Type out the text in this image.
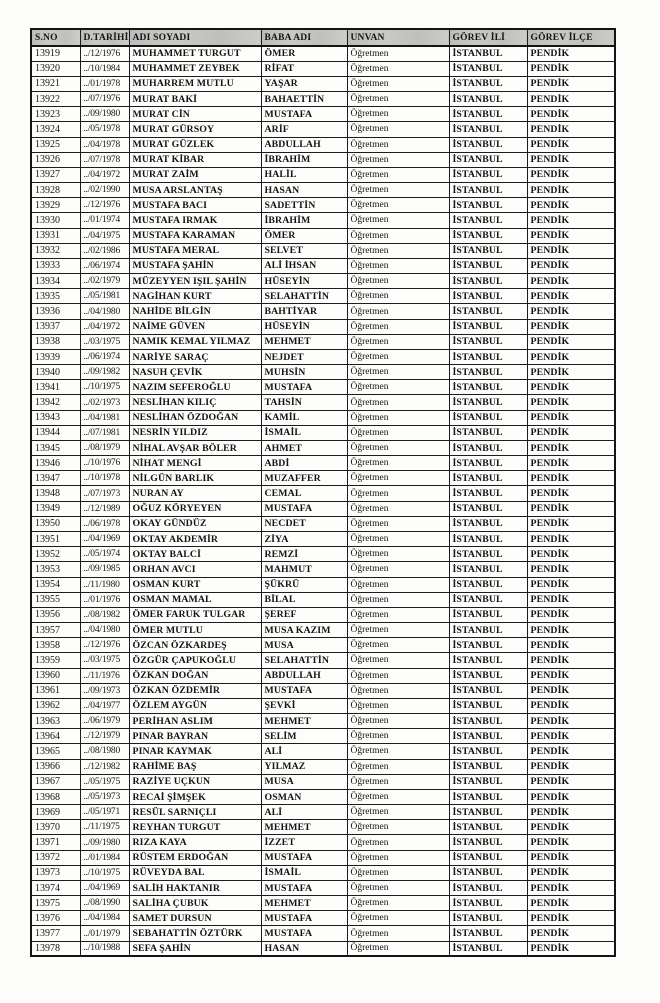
S.NO	D.TARİHİ	ADI SOYADI	BABA ADI	UNVAN	GÖREV İLİ	GÖREV İLÇE
13919	../12/1976	MUHAMMET TURGUT	ÖMER	Öğretmen	İSTANBUL	PENDİK
13920	../10/1984	MUHAMMET ZEYBEK	RİFAT	Öğretmen	İSTANBUL	PENDİK
13921	../01/1978	MUHARREM MUTLU	YAŞAR	Öğretmen	İSTANBUL	PENDİK
13922	../07/1976	MURAT BAKİ	BAHAETTİN	Öğretmen	İSTANBUL	PENDİK
13923	../09/1980	MURAT CİN	MUSTAFA	Öğretmen	İSTANBUL	PENDİK
13924	../05/1978	MURAT GÜRSOY	ARİF	Öğretmen	İSTANBUL	PENDİK
13925	../04/1978	MURAT GÜZLEK	ABDULLAH	Öğretmen	İSTANBUL	PENDİK
13926	../07/1978	MURAT KİBAR	İBRAHİM	Öğretmen	İSTANBUL	PENDİK
13927	../04/1972	MURAT ZAİM	HALİL	Öğretmen	İSTANBUL	PENDİK
13928	../02/1990	MUSA ARSLANTAŞ	HASAN	Öğretmen	İSTANBUL	PENDİK
13929	../12/1976	MUSTAFA BACI	SADETTİN	Öğretmen	İSTANBUL	PENDİK
13930	../01/1974	MUSTAFA IRMAK	İBRAHİM	Öğretmen	İSTANBUL	PENDİK
13931	../04/1975	MUSTAFA KARAMAN	ÖMER	Öğretmen	İSTANBUL	PENDİK
13932	../02/1986	MUSTAFA MERAL	SELVET	Öğretmen	İSTANBUL	PENDİK
13933	../06/1974	MUSTAFA ŞAHİN	ALİ İHSAN	Öğretmen	İSTANBUL	PENDİK
13934	../02/1979	MÜZEYYEN IŞIL ŞAHİN	HÜSEYİN	Öğretmen	İSTANBUL	PENDİK
13935	../05/1981	NAGİHAN KURT	SELAHATTİN	Öğretmen	İSTANBUL	PENDİK
13936	../04/1980	NAHİDE BİLGİN	BAHTİYAR	Öğretmen	İSTANBUL	PENDİK
13937	../04/1972	NAİME GÜVEN	HÜSEYİN	Öğretmen	İSTANBUL	PENDİK
13938	../03/1975	NAMIK KEMAL YILMAZ	MEHMET	Öğretmen	İSTANBUL	PENDİK
13939	../06/1974	NARİYE SARAÇ	NEJDET	Öğretmen	İSTANBUL	PENDİK
13940	../09/1982	NASUH ÇEVİK	MUHSİN	Öğretmen	İSTANBUL	PENDİK
13941	../10/1975	NAZIM SEFEROĞLU	MUSTAFA	Öğretmen	İSTANBUL	PENDİK
13942	../02/1973	NESLİHAN KILIÇ	TAHSİN	Öğretmen	İSTANBUL	PENDİK
13943	../04/1981	NESLİHAN ÖZDOĞAN	KAMİL	Öğretmen	İSTANBUL	PENDİK
13944	../07/1981	NESRİN YILDIZ	İSMAİL	Öğretmen	İSTANBUL	PENDİK
13945	../08/1979	NİHAL AVŞAR BÖLER	AHMET	Öğretmen	İSTANBUL	PENDİK
13946	../10/1976	NİHAT MENGİ	ABDİ	Öğretmen	İSTANBUL	PENDİK
13947	../10/1978	NİLGÜN BARLIK	MUZAFFER	Öğretmen	İSTANBUL	PENDİK
13948	../07/1973	NURAN AY	CEMAL	Öğretmen	İSTANBUL	PENDİK
13949	../12/1989	OĞUZ KÖRYEYEN	MUSTAFA	Öğretmen	İSTANBUL	PENDİK
13950	../06/1978	OKAY GÜNDÜZ	NECDET	Öğretmen	İSTANBUL	PENDİK
13951	../04/1969	OKTAY AKDEMİR	ZİYA	Öğretmen	İSTANBUL	PENDİK
13952	../05/1974	OKTAY BALCİ	REMZİ	Öğretmen	İSTANBUL	PENDİK
13953	../09/1985	ORHAN AVCI	MAHMUT	Öğretmen	İSTANBUL	PENDİK
13954	../11/1980	OSMAN KURT	ŞÜKRÜ	Öğretmen	İSTANBUL	PENDİK
13955	../01/1976	OSMAN MAMAL	BİLAL	Öğretmen	İSTANBUL	PENDİK
13956	../08/1982	ÖMER FARUK TULGAR	ŞEREF	Öğretmen	İSTANBUL	PENDİK
13957	../04/1980	ÖMER MUTLU	MUSA KAZIM	Öğretmen	İSTANBUL	PENDİK
13958	../12/1976	ÖZCAN ÖZKARDEŞ	MUSA	Öğretmen	İSTANBUL	PENDİK
13959	../03/1975	ÖZGÜR ÇAPUKOĞLU	SELAHATTİN	Öğretmen	İSTANBUL	PENDİK
13960	../11/1976	ÖZKAN DOĞAN	ABDULLAH	Öğretmen	İSTANBUL	PENDİK
13961	../09/1973	ÖZKAN ÖZDEMİR	MUSTAFA	Öğretmen	İSTANBUL	PENDİK
13962	../04/1977	ÖZLEM AYGÜN	ŞEVKİ	Öğretmen	İSTANBUL	PENDİK
13963	../06/1979	PERİHAN ASLIM	MEHMET	Öğretmen	İSTANBUL	PENDİK
13964	../12/1979	PINAR BAYRAN	SELİM	Öğretmen	İSTANBUL	PENDİK
13965	../08/1980	PINAR KAYMAK	ALİ	Öğretmen	İSTANBUL	PENDİK
13966	../12/1982	RAHİME BAŞ	YILMAZ	Öğretmen	İSTANBUL	PENDİK
13967	../05/1975	RAZİYE UÇKUN	MUSA	Öğretmen	İSTANBUL	PENDİK
13968	../05/1973	RECAİ ŞİMŞEK	OSMAN	Öğretmen	İSTANBUL	PENDİK
13969	../05/1971	RESÜL SARNIÇLI	ALİ	Öğretmen	İSTANBUL	PENDİK
13970	../11/1975	REYHAN TURGUT	MEHMET	Öğretmen	İSTANBUL	PENDİK
13971	../09/1980	RIZA KAYA	İZZET	Öğretmen	İSTANBUL	PENDİK
13972	../01/1984	RÜSTEM ERDOĞAN	MUSTAFA	Öğretmen	İSTANBUL	PENDİK
13973	../10/1975	RÜVEYDA BAL	İSMAİL	Öğretmen	İSTANBUL	PENDİK
13974	../04/1969	SALİH HAKTANIR	MUSTAFA	Öğretmen	İSTANBUL	PENDİK
13975	../08/1990	SALİHA ÇUBUK	MEHMET	Öğretmen	İSTANBUL	PENDİK
13976	../04/1984	SAMET DURSUN	MUSTAFA	Öğretmen	İSTANBUL	PENDİK
13977	../01/1979	SEBAHATTİN ÖZTÜRK	MUSTAFA	Öğretmen	İSTANBUL	PENDİK
13978	../10/1988	SEFA ŞAHİN	HASAN	Öğretmen	İSTANBUL	PENDİK
